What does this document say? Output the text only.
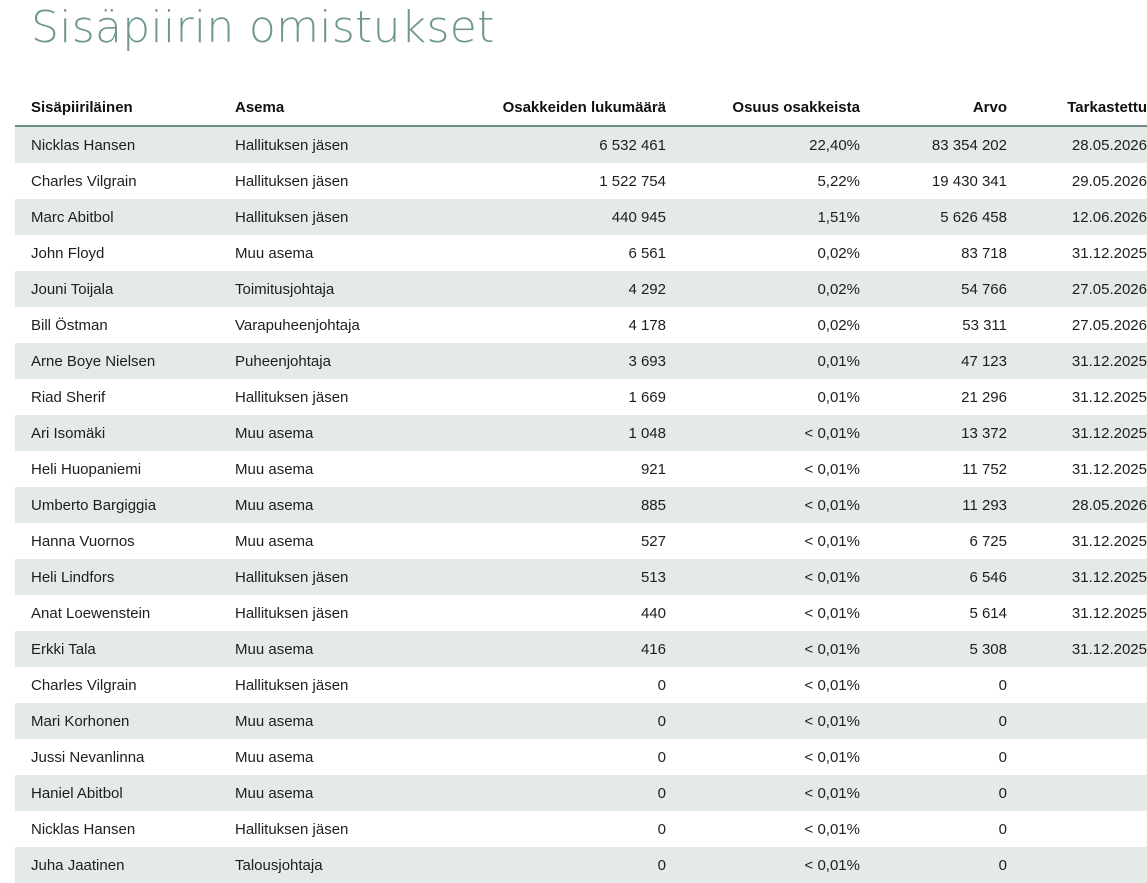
Sisäpiirin omistukset
Sisäpiiriläinen	Asema	Osakkeiden lukumäärä	Osuus osakkeista	Arvo	Tarkastettu
Nicklas Hansen	Hallituksen jäsen	6 532 461	22,40%	83 354 202	28.05.2026
Charles Vilgrain	Hallituksen jäsen	1 522 754	5,22%	19 430 341	29.05.2026
Marc Abitbol	Hallituksen jäsen	440 945	1,51%	5 626 458	12.06.2026
John Floyd	Muu asema	6 561	0,02%	83 718	31.12.2025
Jouni Toijala	Toimitusjohtaja	4 292	0,02%	54 766	27.05.2026
Bill Östman	Varapuheenjohtaja	4 178	0,02%	53 311	27.05.2026
Arne Boye Nielsen	Puheenjohtaja	3 693	0,01%	47 123	31.12.2025
Riad Sherif	Hallituksen jäsen	1 669	0,01%	21 296	31.12.2025
Ari Isomäki	Muu asema	1 048	< 0,01%	13 372	31.12.2025
Heli Huopaniemi	Muu asema	921	< 0,01%	11 752	31.12.2025
Umberto Bargiggia	Muu asema	885	< 0,01%	11 293	28.05.2026
Hanna Vuornos	Muu asema	527	< 0,01%	6 725	31.12.2025
Heli Lindfors	Hallituksen jäsen	513	< 0,01%	6 546	31.12.2025
Anat Loewenstein	Hallituksen jäsen	440	< 0,01%	5 614	31.12.2025
Erkki Tala	Muu asema	416	< 0,01%	5 308	31.12.2025
Charles Vilgrain	Hallituksen jäsen	0	< 0,01%	0	
Mari Korhonen	Muu asema	0	< 0,01%	0	
Jussi Nevanlinna	Muu asema	0	< 0,01%	0	
Haniel Abitbol	Muu asema	0	< 0,01%	0	
Nicklas Hansen	Hallituksen jäsen	0	< 0,01%	0	
Juha Jaatinen	Talousjohtaja	0	< 0,01%	0	
